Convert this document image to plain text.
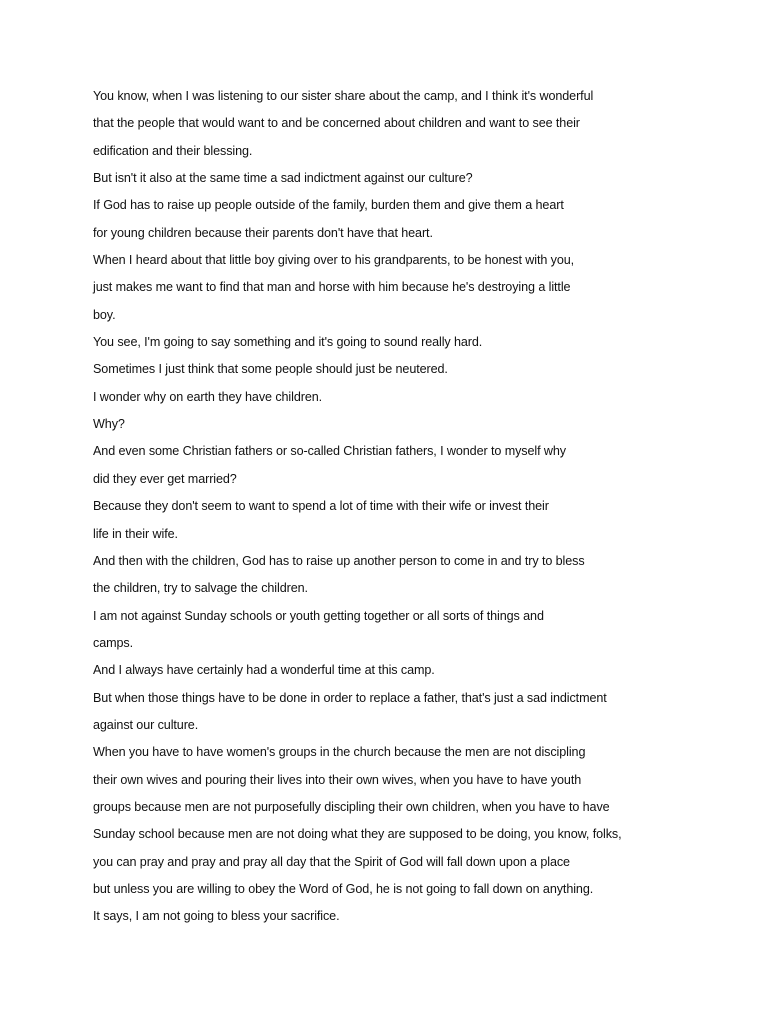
You know, when I was listening to our sister share about the camp, and I think it's wonderful
that the people that would want to and be concerned about children and want to see their
edification and their blessing.
But isn't it also at the same time a sad indictment against our culture?
If God has to raise up people outside of the family, burden them and give them a heart
for young children because their parents don't have that heart.
When I heard about that little boy giving over to his grandparents, to be honest with you,
just makes me want to find that man and horse with him because he's destroying a little
boy.
You see, I'm going to say something and it's going to sound really hard.
Sometimes I just think that some people should just be neutered.
I wonder why on earth they have children.
Why?
And even some Christian fathers or so-called Christian fathers, I wonder to myself why
did they ever get married?
Because they don't seem to want to spend a lot of time with their wife or invest their
life in their wife.
And then with the children, God has to raise up another person to come in and try to bless
the children, try to salvage the children.
I am not against Sunday schools or youth getting together or all sorts of things and
camps.
And I always have certainly had a wonderful time at this camp.
But when those things have to be done in order to replace a father, that's just a sad indictment
against our culture.
When you have to have women's groups in the church because the men are not discipling
their own wives and pouring their lives into their own wives, when you have to have youth
groups because men are not purposefully discipling their own children, when you have to have
Sunday school because men are not doing what they are supposed to be doing, you know, folks,
you can pray and pray and pray all day that the Spirit of God will fall down upon a place
but unless you are willing to obey the Word of God, he is not going to fall down on anything.
It says, I am not going to bless your sacrifice.
